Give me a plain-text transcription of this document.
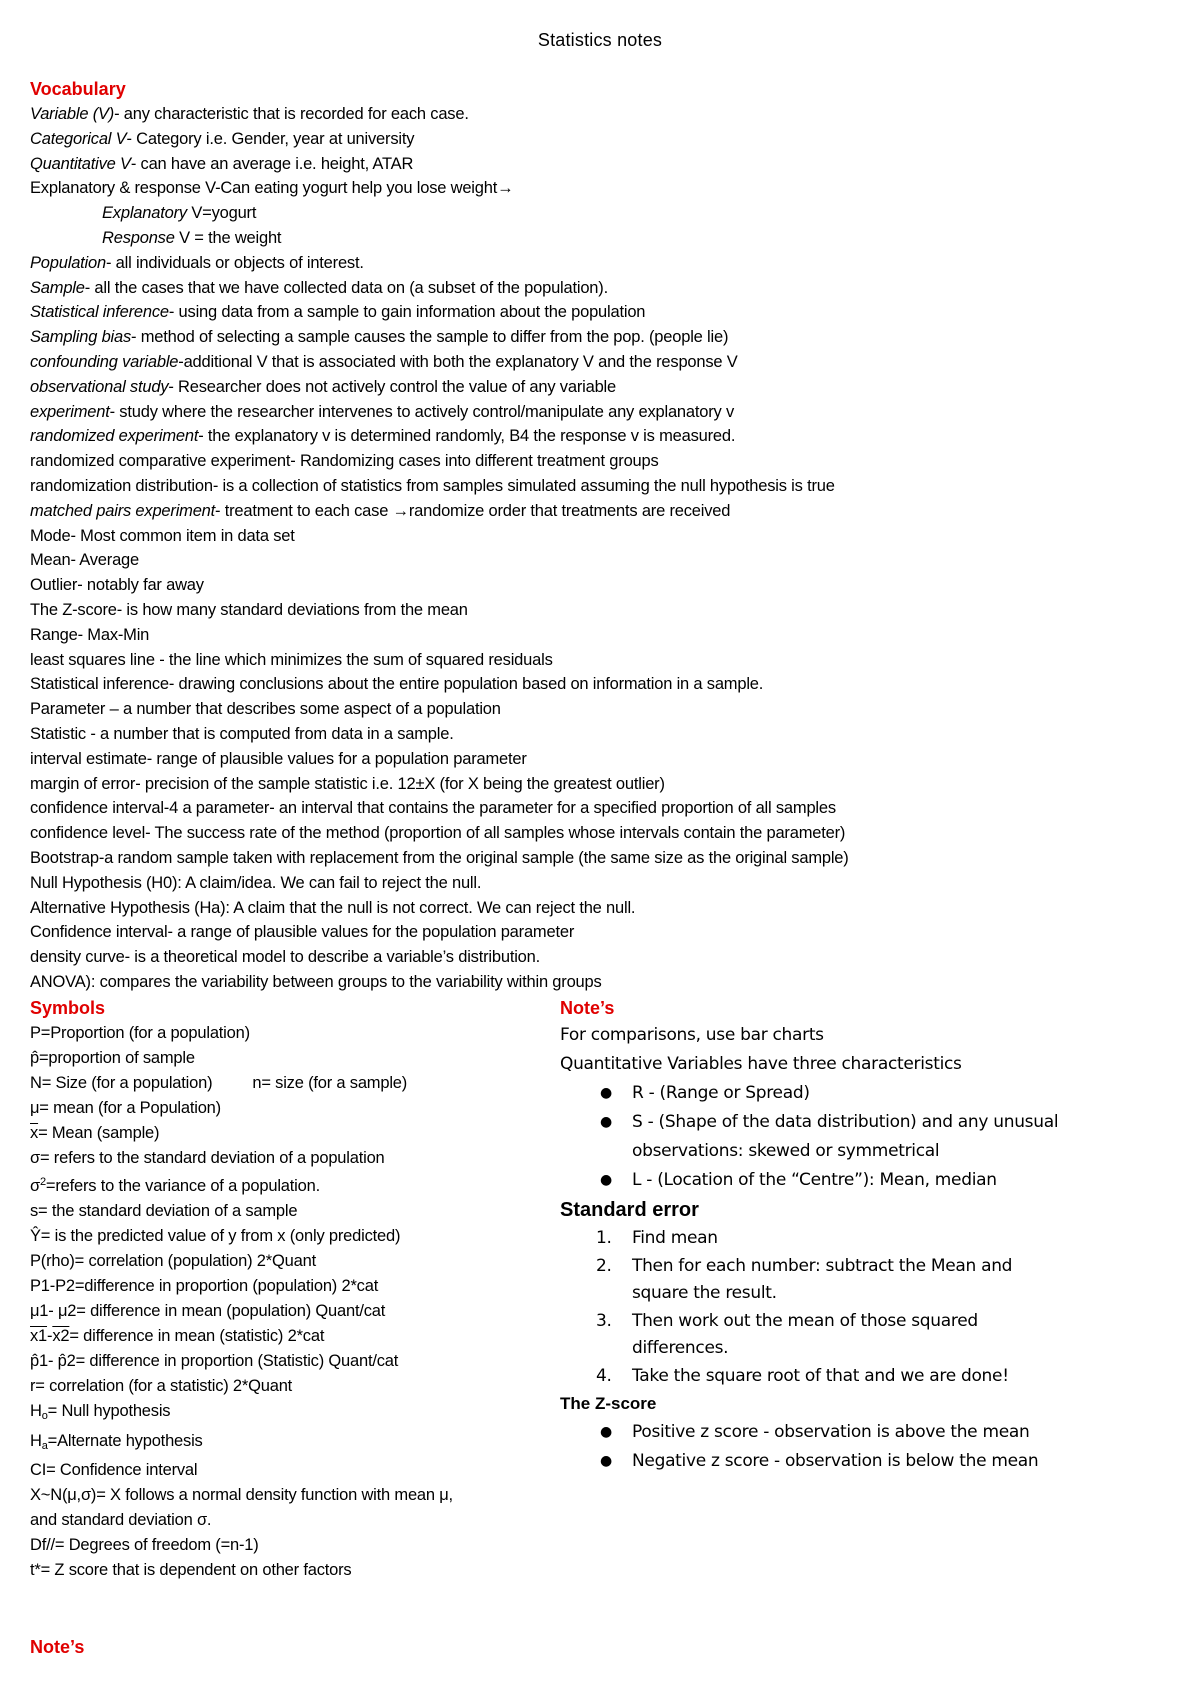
Statistics notes
Vocabulary
Variable (V)- any characteristic that is recorded for each case.
Categorical V- Category i.e. Gender, year at university
Quantitative V- can have an average i.e. height, ATAR
Explanatory & response V-Can eating yogurt help you lose weight→
Explanatory V=yogurt
Response V = the weight
Population- all individuals or objects of interest.
Sample- all the cases that we have collected data on (a subset of the population).
Statistical inference- using data from a sample to gain information about the population
Sampling bias- method of selecting a sample causes the sample to differ from the pop. (people lie)
confounding variable-additional V that is associated with both the explanatory V and the response V
observational study- Researcher does not actively control the value of any variable
experiment- study where the researcher intervenes to actively control/manipulate any explanatory v
randomized experiment- the explanatory v is determined randomly, B4 the response v is measured.
randomized comparative experiment- Randomizing cases into different treatment groups
randomization distribution- is a collection of statistics from samples simulated assuming the null hypothesis is true
matched pairs experiment- treatment to each case →randomize order that treatments are received
Mode- Most common item in data set
Mean- Average
Outlier- notably far away
The Z-score- is how many standard deviations from the mean
Range- Max-Min
least squares line - the line which minimizes the sum of squared residuals
Statistical inference- drawing conclusions about the entire population based on information in a sample.
Parameter – a number that describes some aspect of a population
Statistic - a number that is computed from data in a sample.
interval estimate- range of plausible values for a population parameter
margin of error- precision of the sample statistic i.e. 12±X (for X being the greatest outlier)
confidence interval-4 a parameter- an interval that contains the parameter for a specified proportion of all samples
confidence level- The success rate of the method (proportion of all samples whose intervals contain the parameter)
Bootstrap-a random sample taken with replacement from the original sample (the same size as the original sample)
Null Hypothesis (H0): A claim/idea. We can fail to reject the null.
Alternative Hypothesis (Ha): A claim that the null is not correct. We can reject the null.
Confidence interval- a range of plausible values for the population parameter
density curve- is a theoretical model to describe a variable’s distribution.
ANOVA): compares the variability between groups to the variability within groups
Symbols
P=Proportion (for a population)
p̂=proportion of sample
N= Size (for a population) n= size (for a sample)
μ= mean (for a Population)
$\overline{x}=$ Mean (sample)
σ= refers to the standard deviation of a population
$\sigma^2=refers$ to the variance of a population.
s= the standard deviation of a sample
Ŷ= is the predicted value of y from x (only predicted)
P(rho)= correlation (population) 2*Quant
P1-P2=difference in proportion (population) 2*cat
μ1- μ2= difference in mean (population) Quant/cat
x1-x2= difference in mean (statistic) 2*cat
p̂1- p̂2= difference in proportion (Statistic) Quant/cat
r= correlation (for a statistic) 2*Quant
$H_o=$ Null hypothesis
$H_a=Alternate$ hypothesis
CI= Confidence interval
X~N(μ,σ)= X follows a normal density function with mean μ,
and standard deviation σ.
Df//= Degrees of freedom (=n-1)
t*= Z score that is dependent on other factors
Note’s
For comparisons, use bar charts
Quantitative Variables have three characteristics
● R - (Range or Spread)
● S - (Shape of the data distribution) and any unusual observations: skewed or symmetrical
● L - (Location of the “Centre”): Mean, median
Standard error
1. Find mean
2. Then for each number: subtract the Mean and square the result.
3. Then work out the mean of those squared differences.
4. Take the square root of that and we are done!
The Z-score
● Positive z score - observation is above the mean
● Negative z score - observation is below the mean
Note’s
